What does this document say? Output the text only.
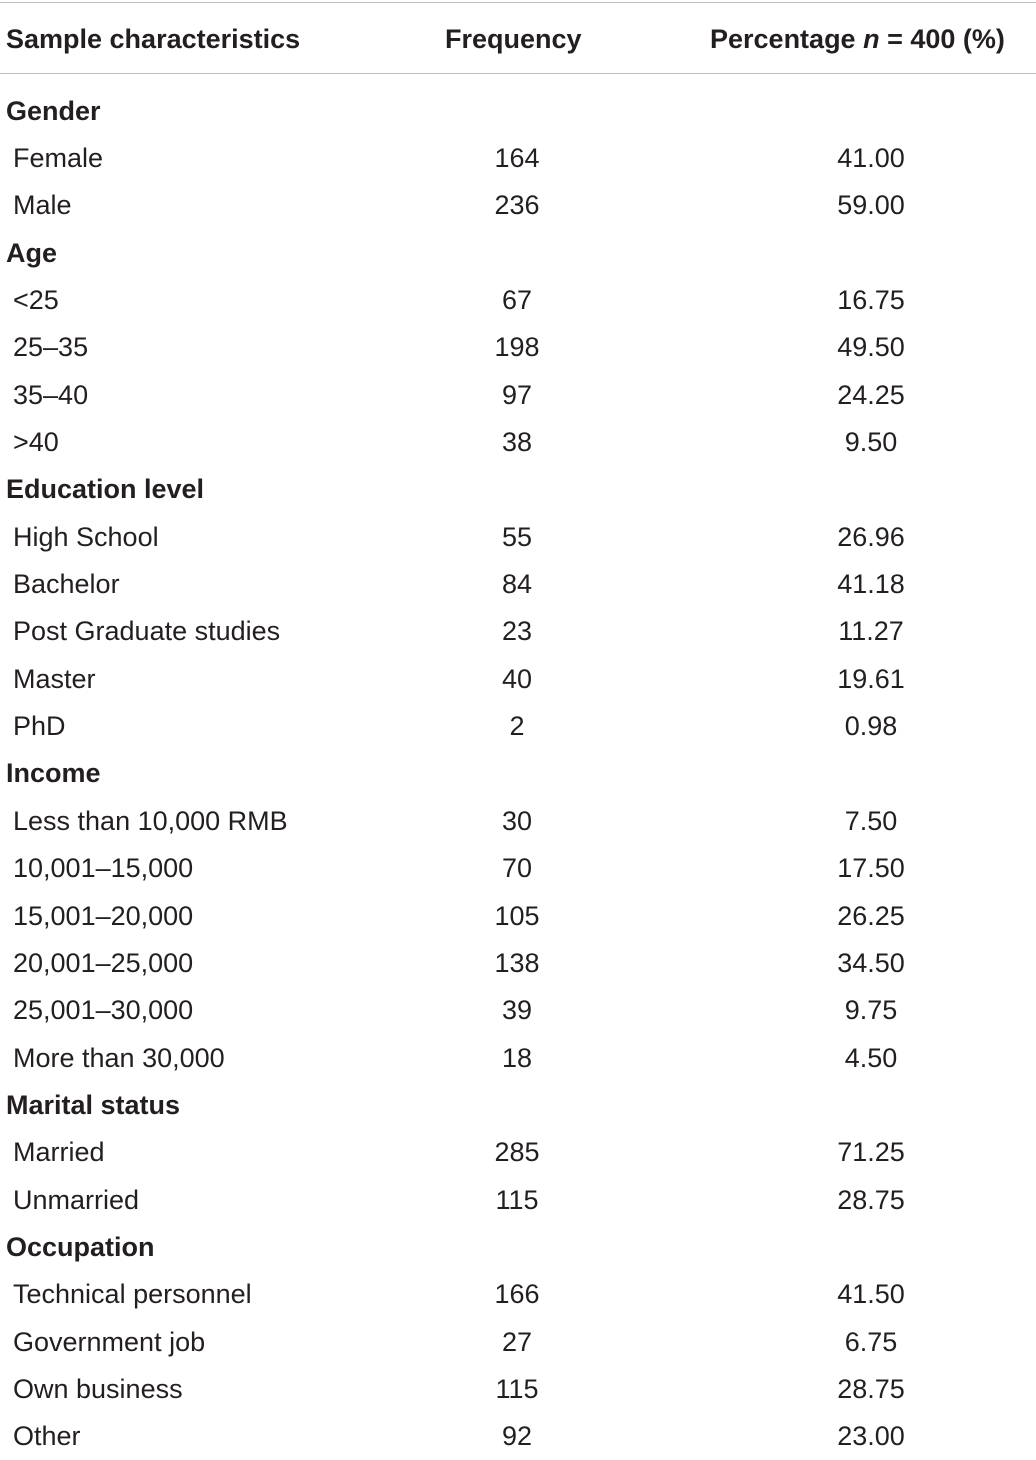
Sample characteristics	Frequency	Percentage n = 400 (%)
Gender
Female	164	41.00
Male	236	59.00
Age
<25	67	16.75
25–35	198	49.50
35–40	97	24.25
>40	38	9.50
Education level
High School	55	26.96
Bachelor	84	41.18
Post Graduate studies	23	11.27
Master	40	19.61
PhD	2	0.98
Income
Less than 10,000 RMB	30	7.50
10,001–15,000	70	17.50
15,001–20,000	105	26.25
20,001–25,000	138	34.50
25,001–30,000	39	9.75
More than 30,000	18	4.50
Marital status
Married	285	71.25
Unmarried	115	28.75
Occupation
Technical personnel	166	41.50
Government job	27	6.75
Own business	115	28.75
Other	92	23.00
